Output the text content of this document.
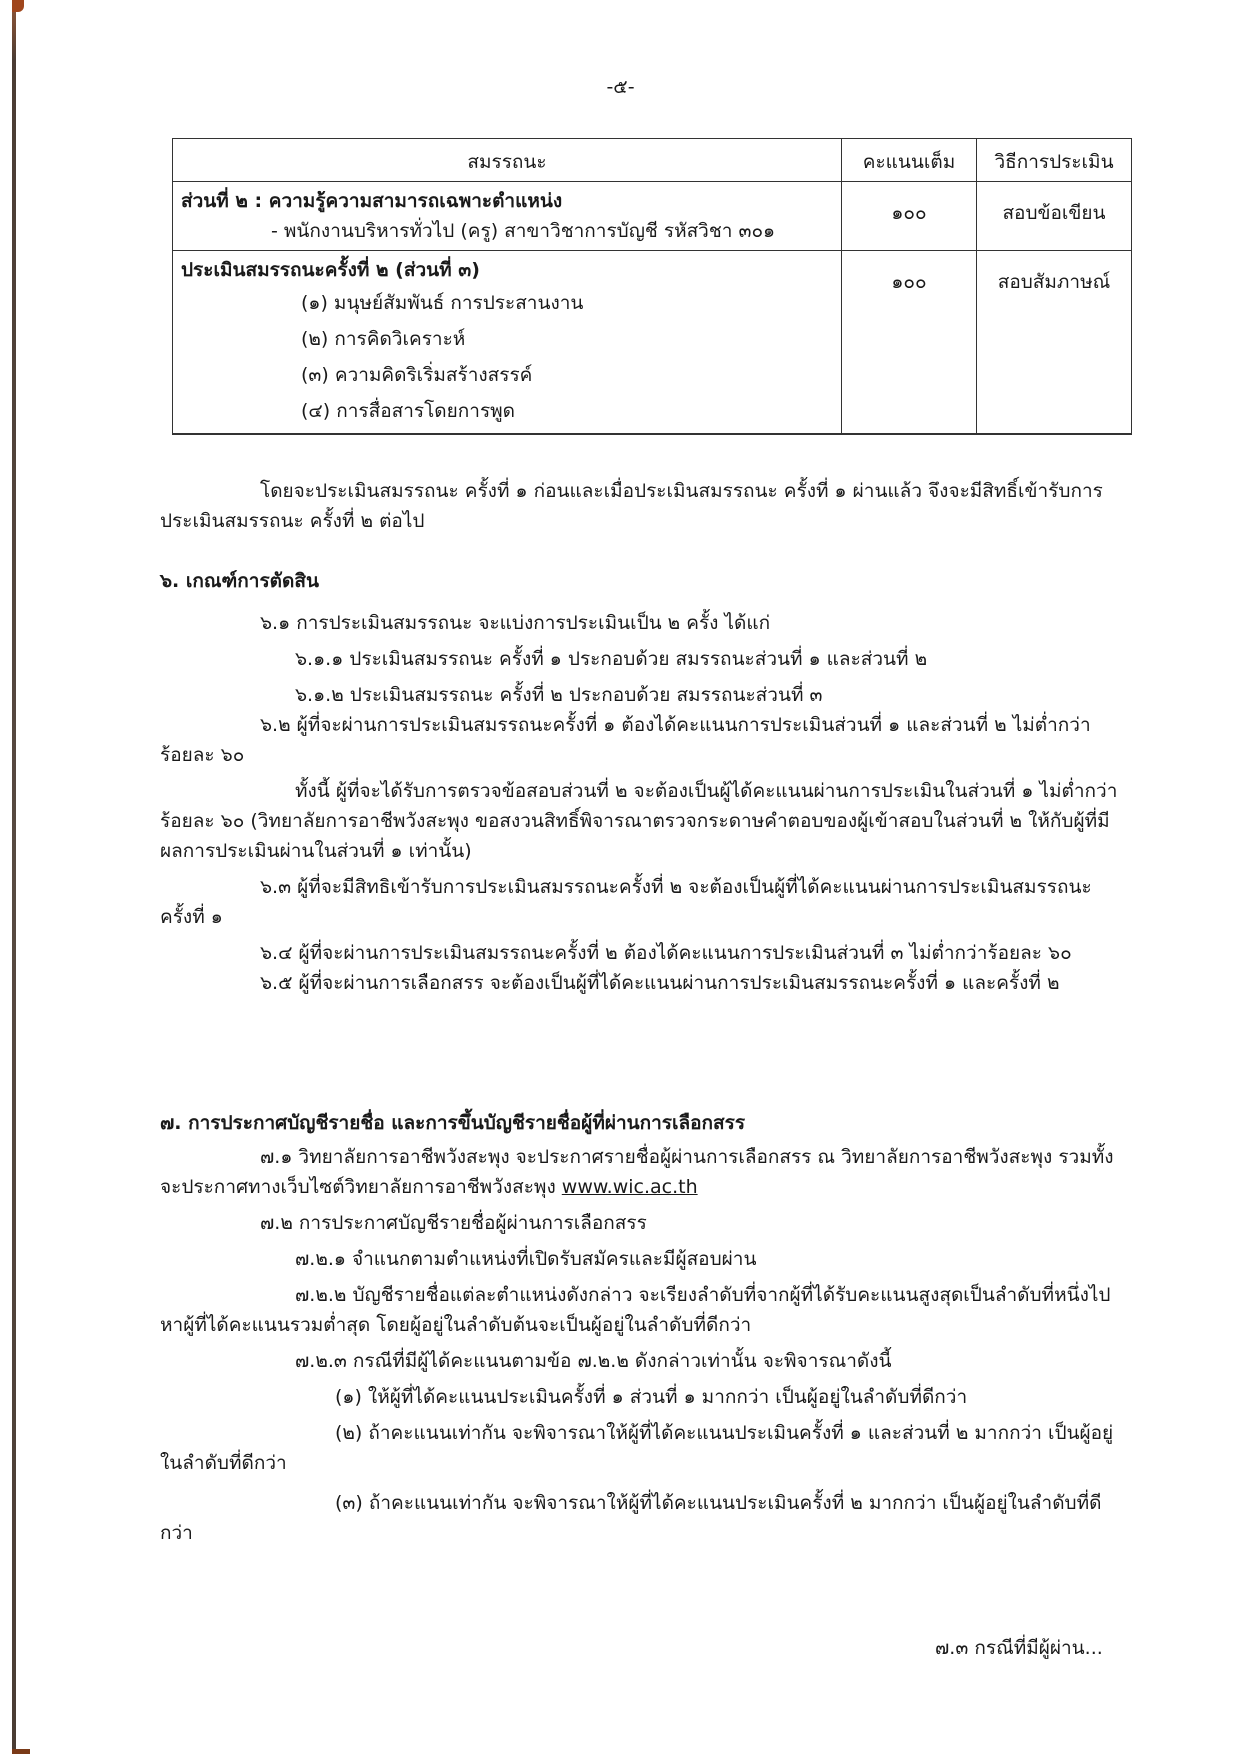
-๕-
สมรรถนะ	คะแนนเต็ม	วิธีการประเมิน

ส่วนที่ ๒ : ความรู้ความสามารถเฉพาะตำแหน่ง
- พนักงานบริหารทั่วไป (ครู) สาขาวิชาการบัญชี รหัสวิชา ๓๐๑	๑๐๐	สอบข้อเขียน

ประเมินสมรรถนะครั้งที่ ๒ (ส่วนที่ ๓)
(๑) มนุษย์สัมพันธ์ การประสานงาน
(๒) การคิดวิเคราะห์
(๓) ความคิดริเริ่มสร้างสรรค์
(๔) การสื่อสารโดยการพูด	๑๐๐	สอบสัมภาษณ์

โดยจะประเมินสมรรถนะ ครั้งที่ ๑ ก่อนและเมื่อประเมินสมรรถนะ ครั้งที่ ๑ ผ่านแล้ว จึงจะมีสิทธิ์เข้ารับการประเมินสมรรถนะ ครั้งที่ ๒ ต่อไป

๖. เกณฑ์การตัดสิน

๖.๑ การประเมินสมรรถนะ จะแบ่งการประเมินเป็น ๒ ครั้ง ได้แก่

๖.๑.๑ ประเมินสมรรถนะ ครั้งที่ ๑ ประกอบด้วย สมรรถนะส่วนที่ ๑ และส่วนที่ ๒

๖.๑.๒ ประเมินสมรรถนะ ครั้งที่ ๒ ประกอบด้วย สมรรถนะส่วนที่ ๓

๖.๒ ผู้ที่จะผ่านการประเมินสมรรถนะครั้งที่ ๑ ต้องได้คะแนนการประเมินส่วนที่ ๑ และส่วนที่ ๒ ไม่ต่ำกว่าร้อยละ ๖๐

ทั้งนี้ ผู้ที่จะได้รับการตรวจข้อสอบส่วนที่ ๒ จะต้องเป็นผู้ได้คะแนนผ่านการประเมินในส่วนที่ ๑ ไม่ต่ำกว่าร้อยละ ๖๐ (วิทยาลัยการอาชีพวังสะพุง ขอสงวนสิทธิ์พิจารณาตรวจกระดาษคำตอบของผู้เข้าสอบในส่วนที่ ๒ ให้กับผู้ที่มีผลการประเมินผ่านในส่วนที่ ๑ เท่านั้น)

๖.๓ ผู้ที่จะมีสิทธิเข้ารับการประเมินสมรรถนะครั้งที่ ๒ จะต้องเป็นผู้ที่ได้คะแนนผ่านการประเมินสมรรถนะครั้งที่ ๑

๖.๔ ผู้ที่จะผ่านการประเมินสมรรถนะครั้งที่ ๒ ต้องได้คะแนนการประเมินส่วนที่ ๓ ไม่ต่ำกว่าร้อยละ ๖๐

๖.๕ ผู้ที่จะผ่านการเลือกสรร จะต้องเป็นผู้ที่ได้คะแนนผ่านการประเมินสมรรถนะครั้งที่ ๑ และครั้งที่ ๒

๗. การประกาศบัญชีรายชื่อ และการขึ้นบัญชีรายชื่อผู้ที่ผ่านการเลือกสรร

๗.๑ วิทยาลัยการอาชีพวังสะพุง จะประกาศรายชื่อผู้ผ่านการเลือกสรร ณ วิทยาลัยการอาชีพวังสะพุง รวมทั้งจะประกาศทางเว็บไซต์วิทยาลัยการอาชีพวังสะพุง www.wic.ac.th

๗.๒ การประกาศบัญชีรายชื่อผู้ผ่านการเลือกสรร

๗.๒.๑ จำแนกตามตำแหน่งที่เปิดรับสมัครและมีผู้สอบผ่าน

๗.๒.๒ บัญชีรายชื่อแต่ละตำแหน่งดังกล่าว จะเรียงลำดับที่จากผู้ที่ได้รับคะแนนสูงสุดเป็นลำดับที่หนึ่งไปหาผู้ที่ได้คะแนนรวมต่ำสุด โดยผู้อยู่ในลำดับต้นจะเป็นผู้อยู่ในลำดับที่ดีกว่า

๗.๒.๓ กรณีที่มีผู้ได้คะแนนตามข้อ ๗.๒.๒ ดังกล่าวเท่านั้น จะพิจารณาดังนี้

(๑) ให้ผู้ที่ได้คะแนนประเมินครั้งที่ ๑ ส่วนที่ ๑ มากกว่า เป็นผู้อยู่ในลำดับที่ดีกว่า

(๒) ถ้าคะแนนเท่ากัน จะพิจารณาให้ผู้ที่ได้คะแนนประเมินครั้งที่ ๑ และส่วนที่ ๒ มากกว่า เป็นผู้อยู่ในลำดับที่ดีกว่า

(๓) ถ้าคะแนนเท่ากัน จะพิจารณาให้ผู้ที่ได้คะแนนประเมินครั้งที่ ๒ มากกว่า เป็นผู้อยู่ในลำดับที่ดีกว่า

๗.๓ กรณีที่มีผู้ผ่าน...
